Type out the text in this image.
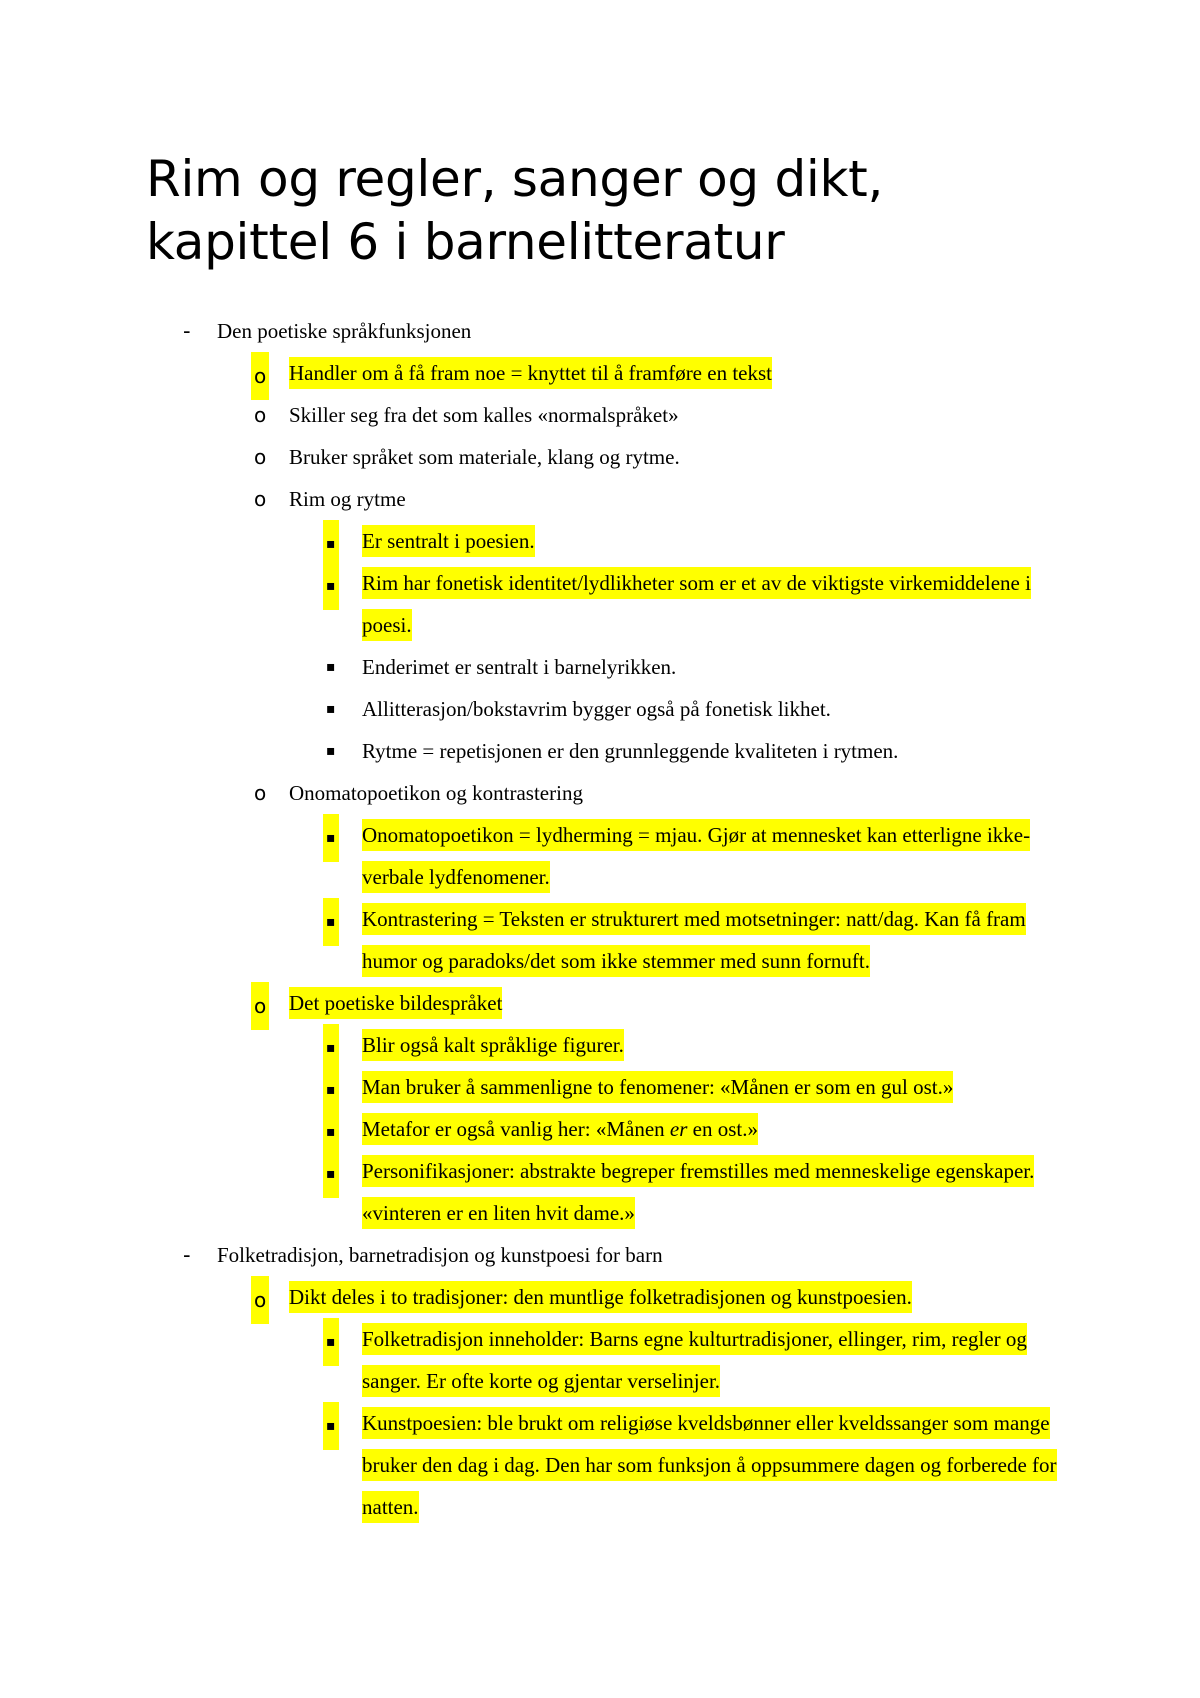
Rim og regler, sanger og dikt,
kapittel 6 i barnelitteratur
- Den poetiske språkfunksjonen
o Handler om å få fram noe = knyttet til å framføre en tekst
o Skiller seg fra det som kalles «normalspråket»
o Bruker språket som materiale, klang og rytme.
o Rim og rytme
▪ Er sentralt i poesien.
▪ Rim har fonetisk identitet/lydlikheter som er et av de viktigste virkemiddelene i poesi.
▪ Enderimet er sentralt i barnelyrikken.
▪ Allitterasjon/bokstavrim bygger også på fonetisk likhet.
▪ Rytme = repetisjonen er den grunnleggende kvaliteten i rytmen.
o Onomatopoetikon og kontrastering
▪ Onomatopoetikon = lydherming = mjau. Gjør at mennesket kan etterligne ikke-verbale lydfenomener.
▪ Kontrastering = Teksten er strukturert med motsetninger: natt/dag. Kan få fram humor og paradoks/det som ikke stemmer med sunn fornuft.
o Det poetiske bildespråket
▪ Blir også kalt språklige figurer.
▪ Man bruker å sammenligne to fenomener: «Månen er som en gul ost.»
▪ Metafor er også vanlig her: «Månen er en ost.»
▪ Personifikasjoner: abstrakte begreper fremstilles med menneskelige egenskaper. «vinteren er en liten hvit dame.»
- Folketradisjon, barnetradisjon og kunstpoesi for barn
o Dikt deles i to tradisjoner: den muntlige folketradisjonen og kunstpoesien.
▪ Folketradisjon inneholder: Barns egne kulturtradisjoner, ellinger, rim, regler og sanger. Er ofte korte og gjentar verselinjer.
▪ Kunstpoesien: ble brukt om religiøse kveldsbønner eller kveldssanger som mange bruker den dag i dag. Den har som funksjon å oppsummere dagen og forberede for natten.
